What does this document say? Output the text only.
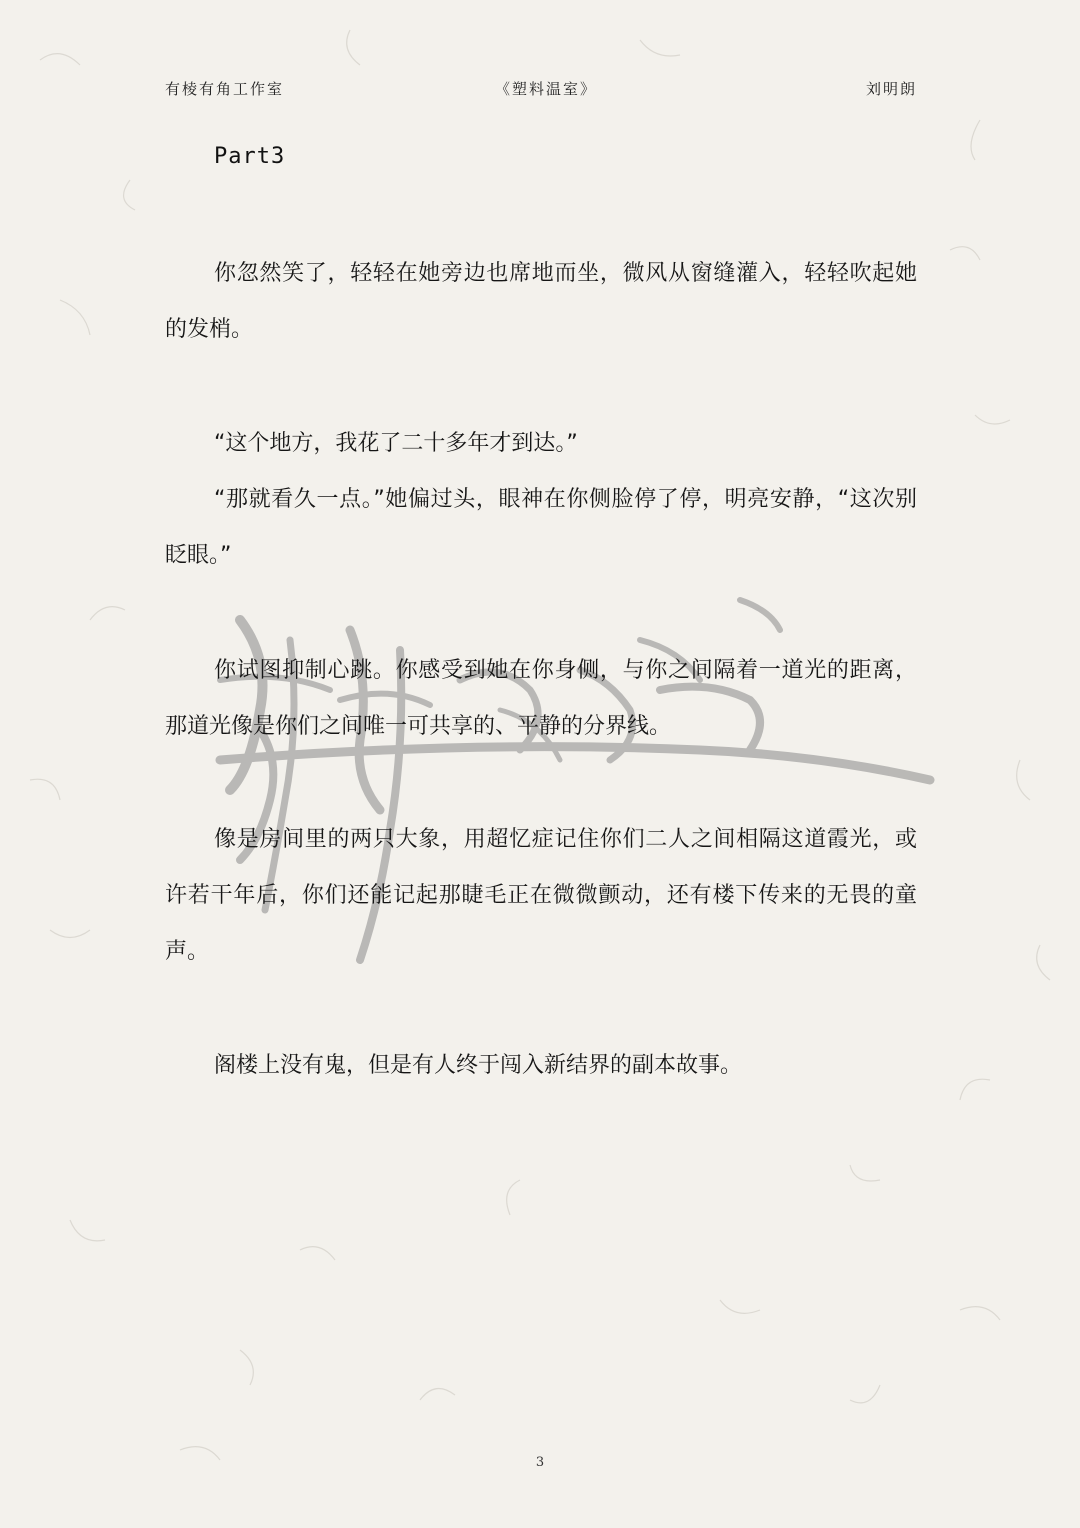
有棱有角工作室	《塑料温室》	刘明朗
Part3
你忽然笑了，轻轻在她旁边也席地而坐，微风从窗缝灌入，轻轻吹起她的发梢。
“这个地方，我花了二十多年才到达。”
“那就看久一点。”她偏过头，眼神在你侧脸停了停，明亮安静，“这次别眨眼。”
你试图抑制心跳。你感受到她在你身侧，与你之间隔着一道光的距离，那道光像是你们之间唯一可共享的、平静的分界线。
像是房间里的两只大象，用超忆症记住你们二人之间相隔这道霞光，或许若干年后，你们还能记起那睫毛正在微微颤动，还有楼下传来的无畏的童声。
阁楼上没有鬼，但是有人终于闯入新结界的副本故事。
3
